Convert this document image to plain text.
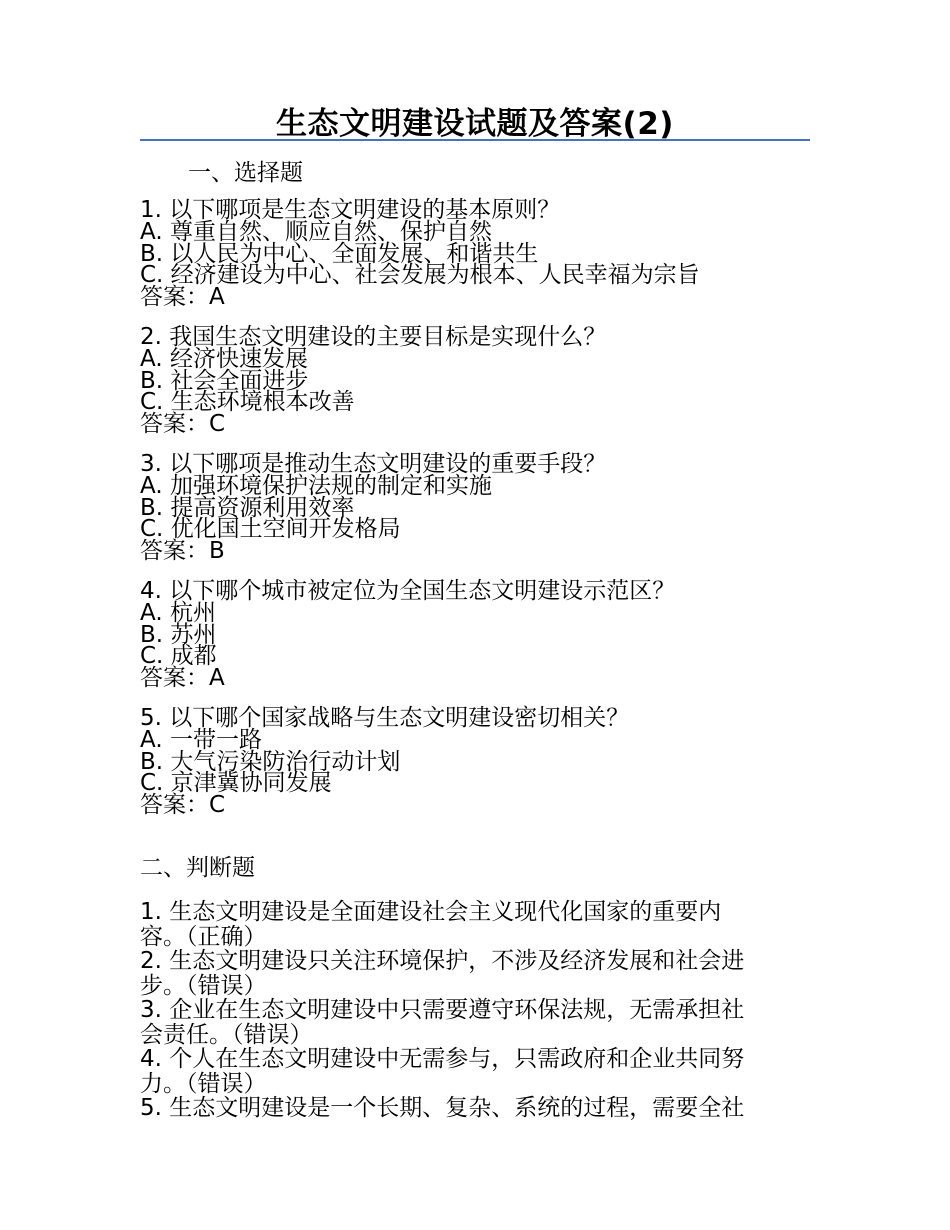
生态文明建设试题及答案(2)
一、选择题
1. 以下哪项是生态文明建设的基本原则？
A. 尊重自然、顺应自然、保护自然
B. 以人民为中心、全面发展、和谐共生
C. 经济建设为中心、社会发展为根本、人民幸福为宗旨
答案：A
2. 我国生态文明建设的主要目标是实现什么？
A. 经济快速发展
B. 社会全面进步
C. 生态环境根本改善
答案：C
3. 以下哪项是推动生态文明建设的重要手段？
A. 加强环境保护法规的制定和实施
B. 提高资源利用效率
C. 优化国土空间开发格局
答案：B
4. 以下哪个城市被定位为全国生态文明建设示范区？
A. 杭州
B. 苏州
C. 成都
答案：A
5. 以下哪个国家战略与生态文明建设密切相关？
A. 一带一路
B. 大气污染防治行动计划
C. 京津冀协同发展
答案：C
二、判断题
1. 生态文明建设是全面建设社会主义现代化国家的重要内
容。（正确）
2. 生态文明建设只关注环境保护，不涉及经济发展和社会进
步。（错误）
3. 企业在生态文明建设中只需要遵守环保法规，无需承担社
会责任。（错误）
4. 个人在生态文明建设中无需参与，只需政府和企业共同努
力。（错误）
5. 生态文明建设是一个长期、复杂、系统的过程，需要全社
